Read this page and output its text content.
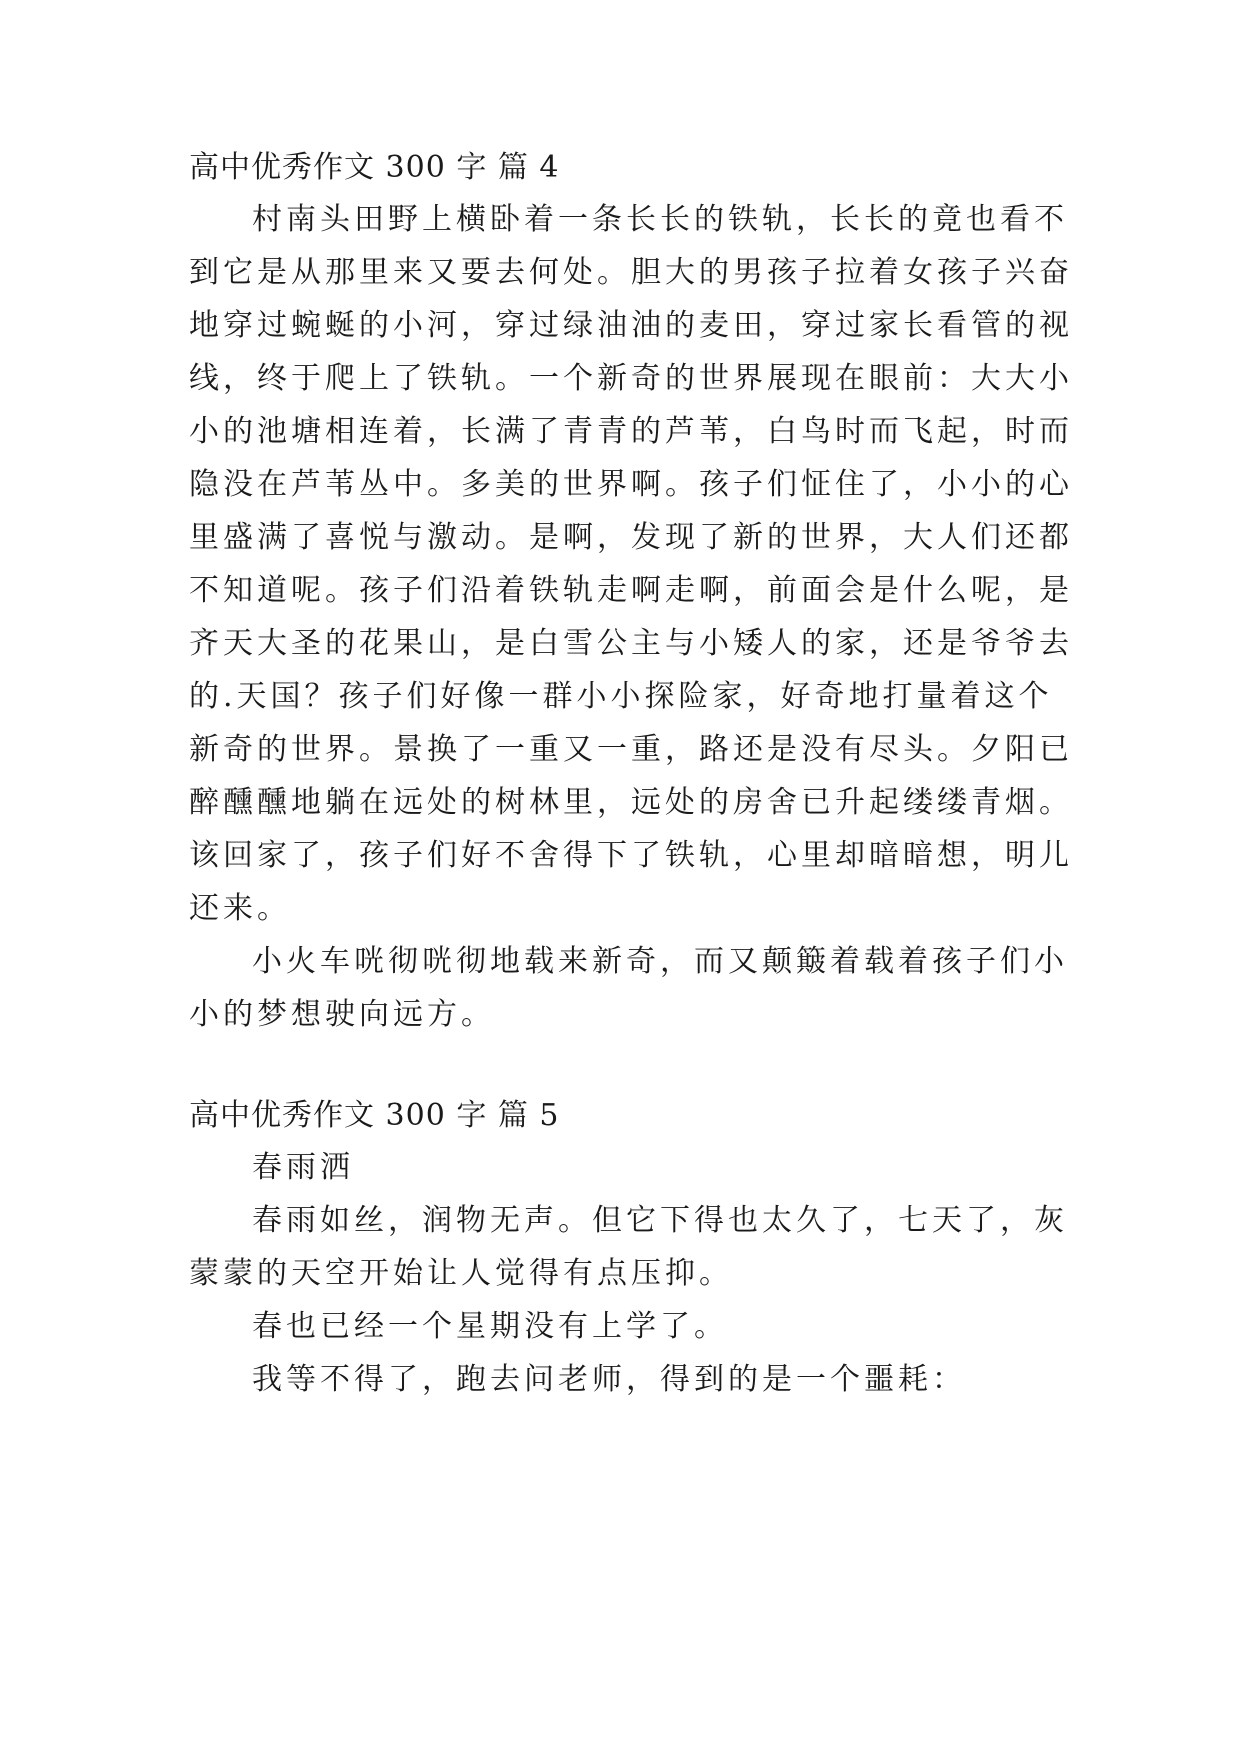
高中优秀作文 300 字 篇 4
村南头田野上横卧着一条长长的铁轨，长长的竟也看不
到它是从那里来又要去何处。胆大的男孩子拉着女孩子兴奋
地穿过蜿蜒的小河，穿过绿油油的麦田，穿过家长看管的视
线，终于爬上了铁轨。一个新奇的世界展现在眼前：大大小
小的池塘相连着，长满了青青的芦苇，白鸟时而飞起，时而
隐没在芦苇丛中。多美的世界啊。孩子们怔住了，小小的心
里盛满了喜悦与激动。是啊，发现了新的世界，大人们还都
不知道呢。孩子们沿着铁轨走啊走啊，前面会是什么呢，是
齐天大圣的花果山，是白雪公主与小矮人的家，还是爷爷去
的.天国？孩子们好像一群小小探险家，好奇地打量着这个
新奇的世界。景换了一重又一重，路还是没有尽头。夕阳已
醉醺醺地躺在远处的树林里，远处的房舍已升起缕缕青烟。
该回家了，孩子们好不舍得下了铁轨，心里却暗暗想，明儿
还来。
小火车咣彻咣彻地载来新奇，而又颠簸着载着孩子们小
小的梦想驶向远方。
高中优秀作文 300 字 篇 5
春雨洒
春雨如丝，润物无声。但它下得也太久了，七天了，灰
蒙蒙的天空开始让人觉得有点压抑。
春也已经一个星期没有上学了。
我等不得了，跑去问老师，得到的是一个噩耗：
